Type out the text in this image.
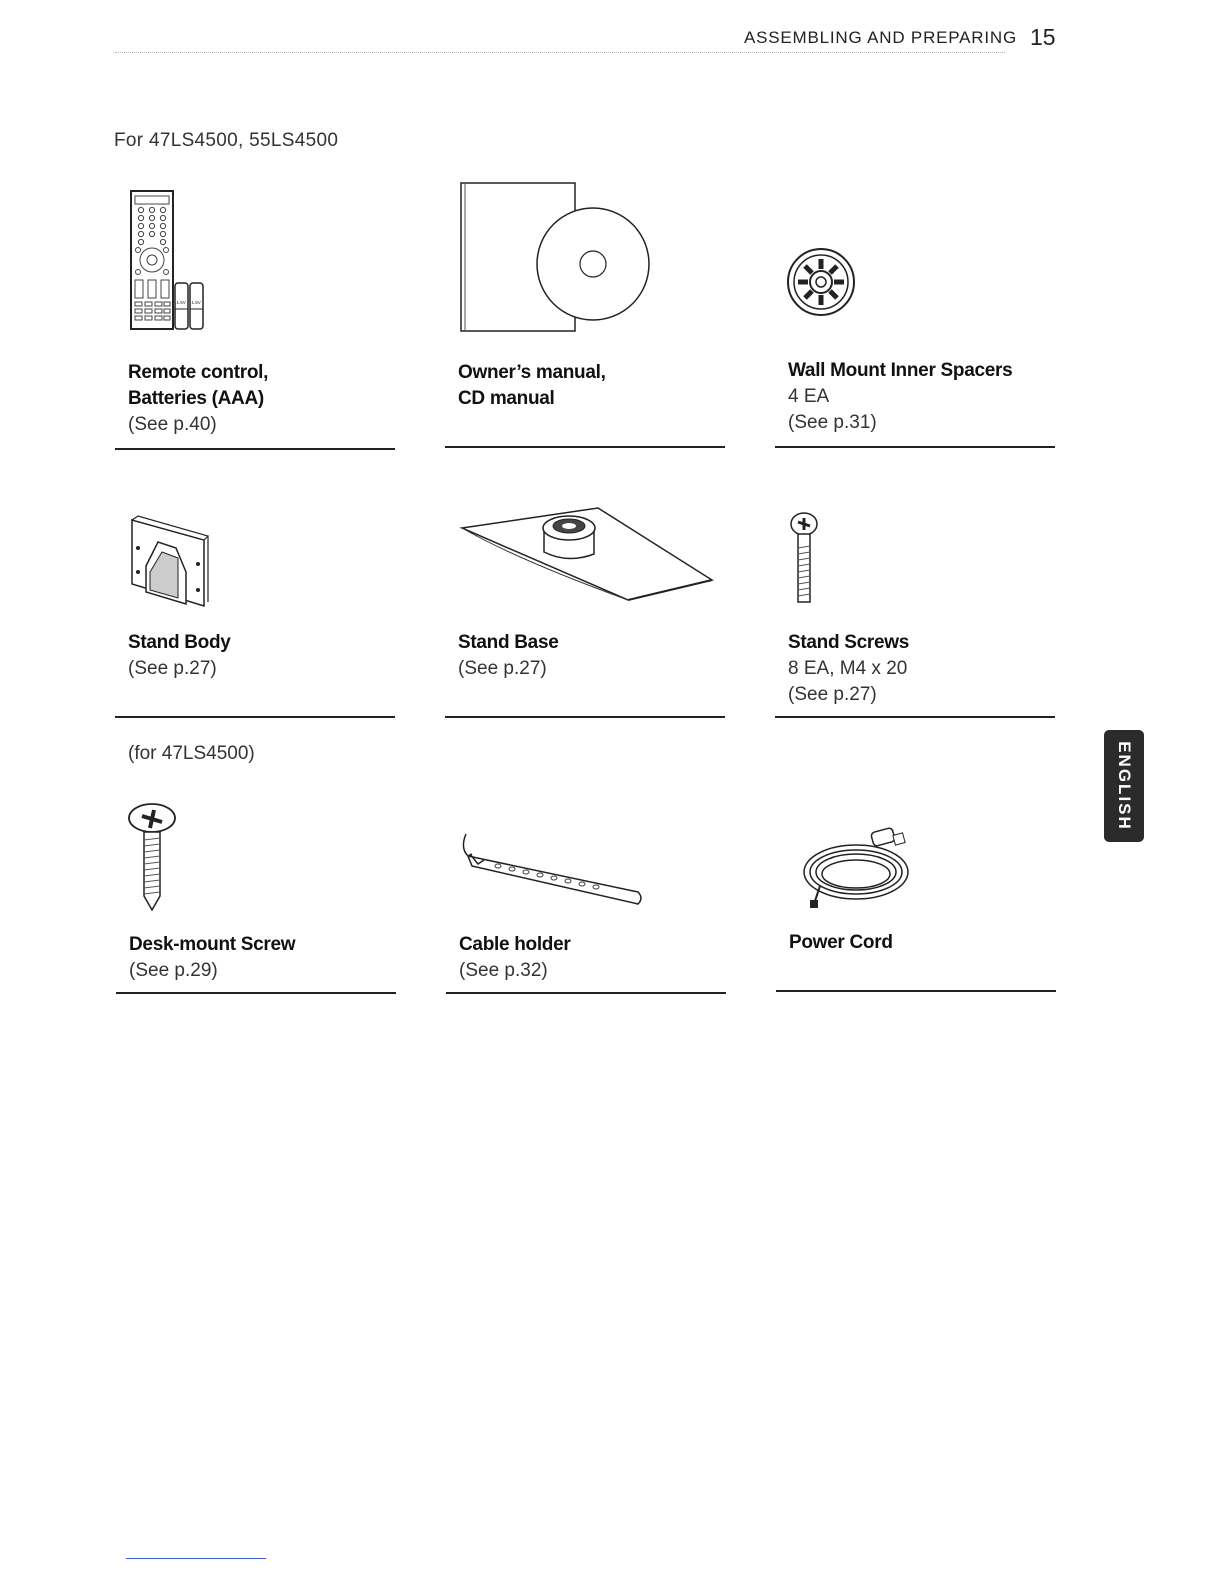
ASSEMBLING AND PREPARING 15
For 47LS4500, 55LS4500
1.5V 1.5V
Remote control,
Batteries (AAA)
(See p.40)
Owner’s manual,
CD manual
Wall Mount Inner Spacers
4 EA
(See p.31)
Stand Body
(See p.27)
Stand Base
(See p.27)
Stand Screws
8 EA, M4 x 20
(See p.27)
(for 47LS4500)
Desk-mount Screw
(See p.29)
Cable holder
(See p.32)
Power Cord
ENGLISH
